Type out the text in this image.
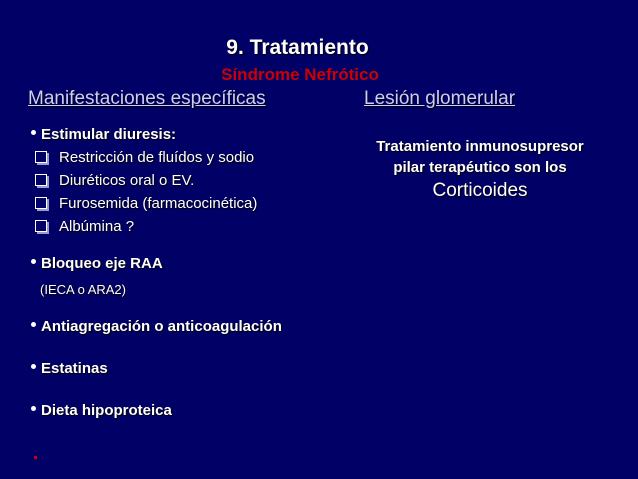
9. Tratamiento
Síndrome Nefrótico
Manifestaciones específicas	Lesión glomerular
Estimular diuresis:
Restricción de fluídos y sodio
Diuréticos oral o EV.
Furosemida (farmacocinética)
Albúmina ?
Bloqueo eje RAA
(IECA o ARA2)
Antiagregación o anticoagulación
Estatinas
Dieta hipoproteica
Tratamiento inmunosupresor
pilar terapéutico son los
Corticoides
